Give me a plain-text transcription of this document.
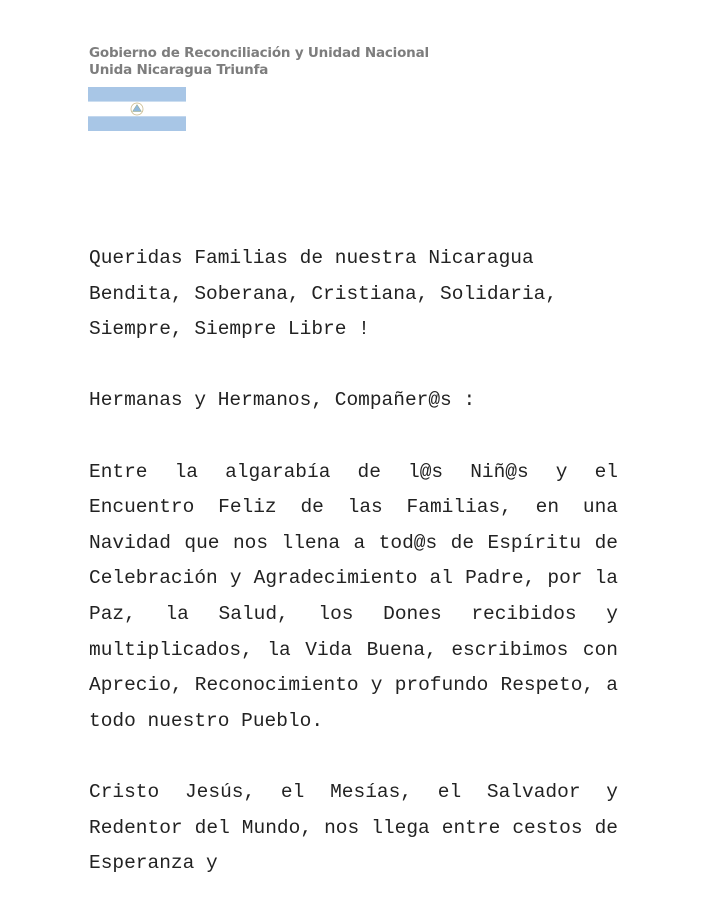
Gobierno de Reconciliación y Unidad Nacional
Unida Nicaragua Triunfa
Queridas Familias de nuestra Nicaragua
Bendita, Soberana, Cristiana, Solidaria,
Siempre, Siempre Libre !
Hermanas y Hermanos, Compañer@s :
Entre la algarabía de l@s Niñ@s y el Encuentro Feliz de las Familias, en una Navidad que nos llena a tod@s de Espíritu de Celebración y Agradecimiento al Padre, por la Paz, la Salud, los Dones recibidos y multiplicados, la Vida Buena, escribimos con Aprecio, Reconocimiento y profundo Respeto, a todo nuestro Pueblo.
Cristo Jesús, el Mesías, el Salvador y Redentor del Mundo, nos llega entre cestos de Esperanza y
